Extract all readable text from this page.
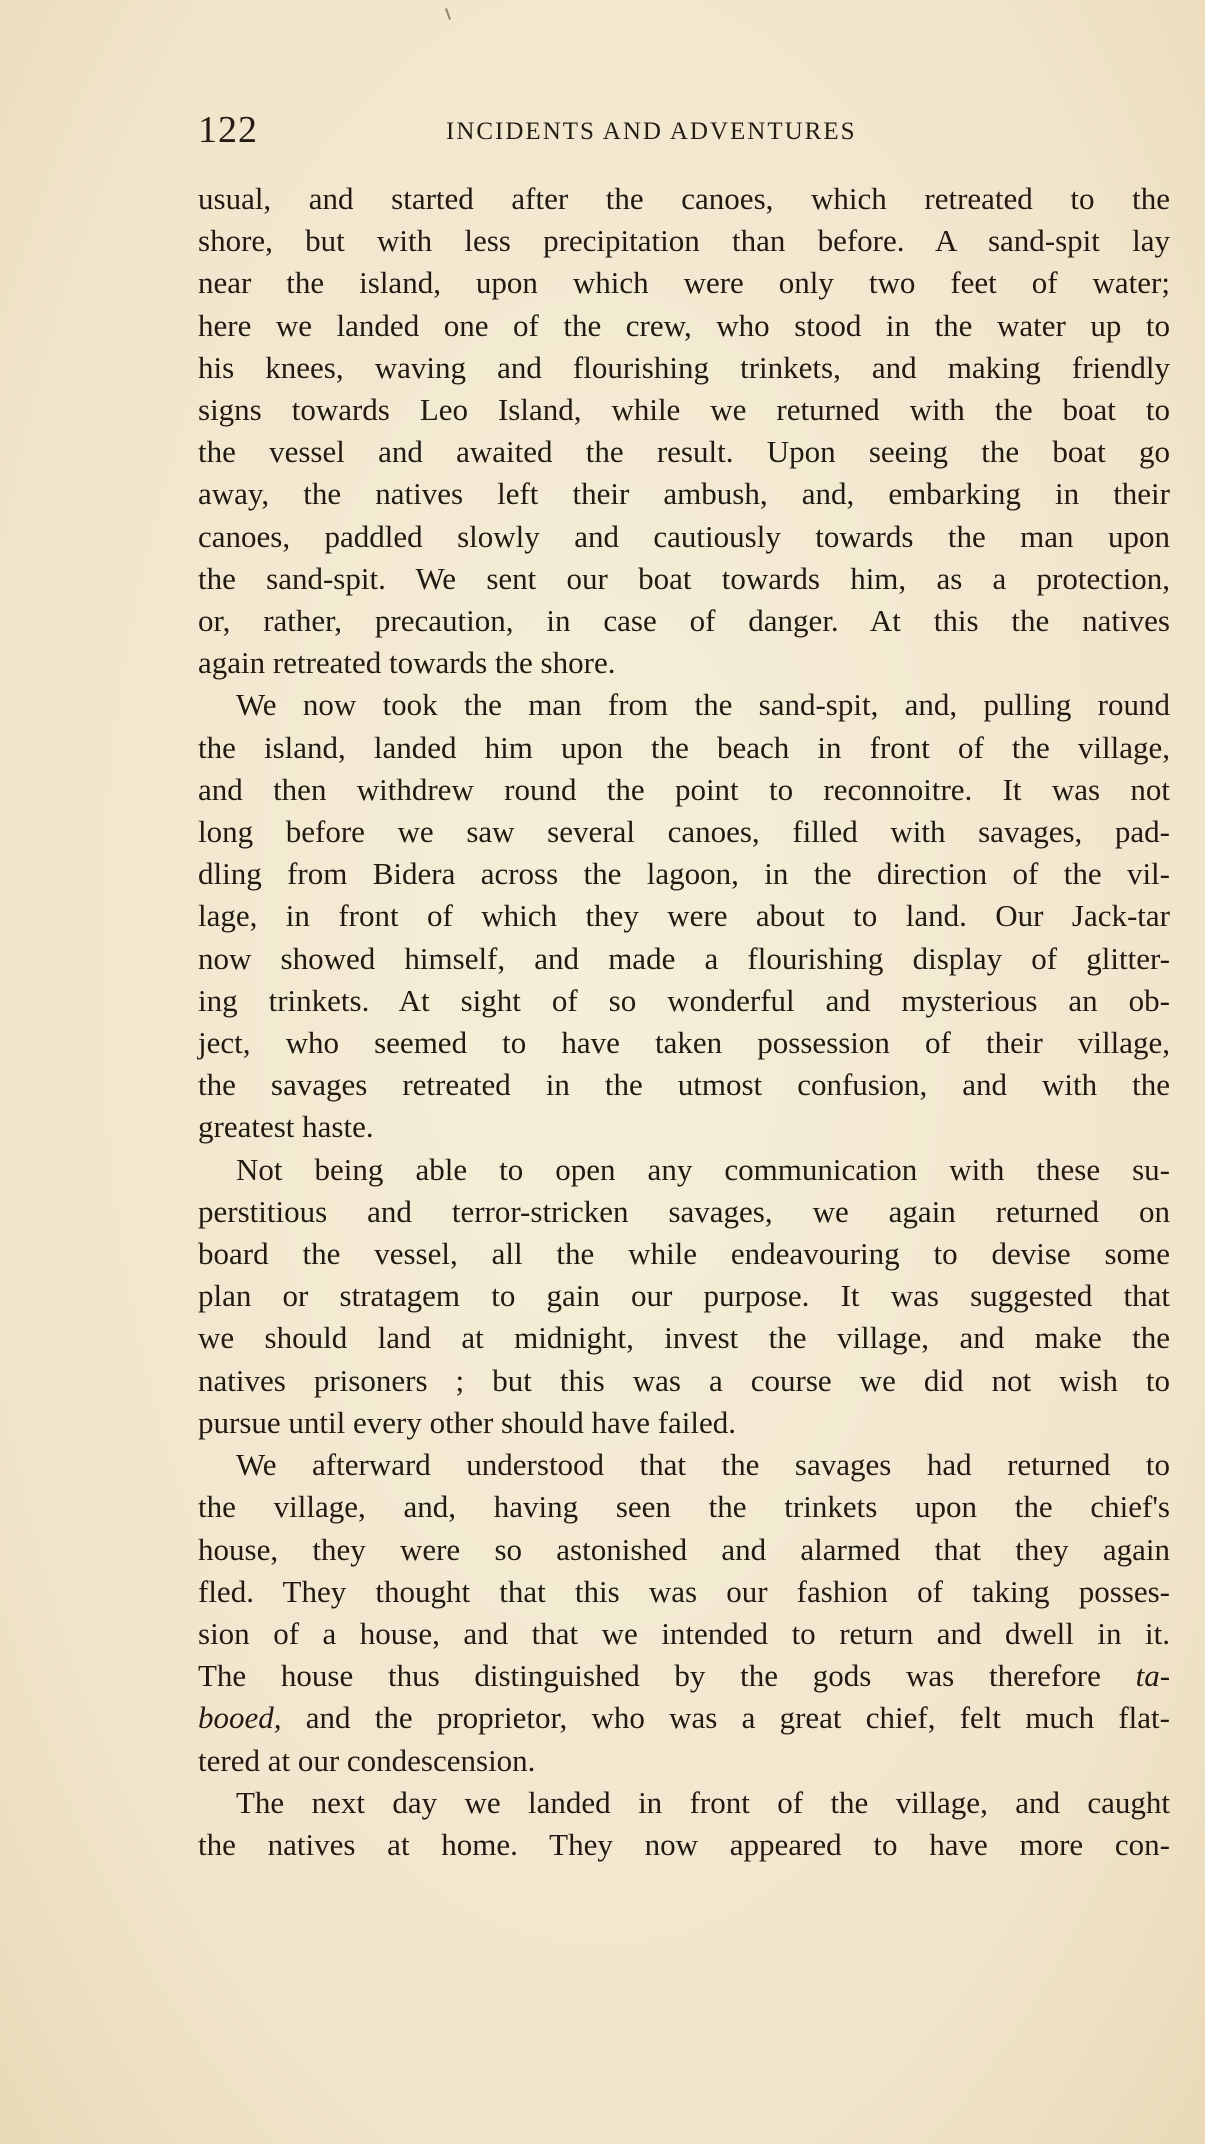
122	INCIDENTS AND ADVENTURES
usual, and started after the canoes, which retreated to the
shore, but with less precipitation than before. A sand-spit lay
near the island, upon which were only two feet of water;
here we landed one of the crew, who stood in the water up to
his knees, waving and flourishing trinkets, and making friendly
signs towards Leo Island, while we returned with the boat to
the vessel and awaited the result. Upon seeing the boat go
away, the natives left their ambush, and, embarking in their
canoes, paddled slowly and cautiously towards the man upon
the sand-spit. We sent our boat towards him, as a protection,
or, rather, precaution, in case of danger. At this the natives
again retreated towards the shore.
We now took the man from the sand-spit, and, pulling round
the island, landed him upon the beach in front of the village,
and then withdrew round the point to reconnoitre. It was not
long before we saw several canoes, filled with savages, pad-
dling from Bidera across the lagoon, in the direction of the vil-
lage, in front of which they were about to land. Our Jack-tar
now showed himself, and made a flourishing display of glitter-
ing trinkets. At sight of so wonderful and mysterious an ob-
ject, who seemed to have taken possession of their village,
the savages retreated in the utmost confusion, and with the
greatest haste.
Not being able to open any communication with these su-
perstitious and terror-stricken savages, we again returned on
board the vessel, all the while endeavouring to devise some
plan or stratagem to gain our purpose. It was suggested that
we should land at midnight, invest the village, and make the
natives prisoners ; but this was a course we did not wish to
pursue until every other should have failed.
We afterward understood that the savages had returned to
the village, and, having seen the trinkets upon the chief's
house, they were so astonished and alarmed that they again
fled. They thought that this was our fashion of taking posses-
sion of a house, and that we intended to return and dwell in it.
The house thus distinguished by the gods was therefore ta-
booed, and the proprietor, who was a great chief, felt much flat-
tered at our condescension.
The next day we landed in front of the village, and caught
the natives at home. They now appeared to have more con-
